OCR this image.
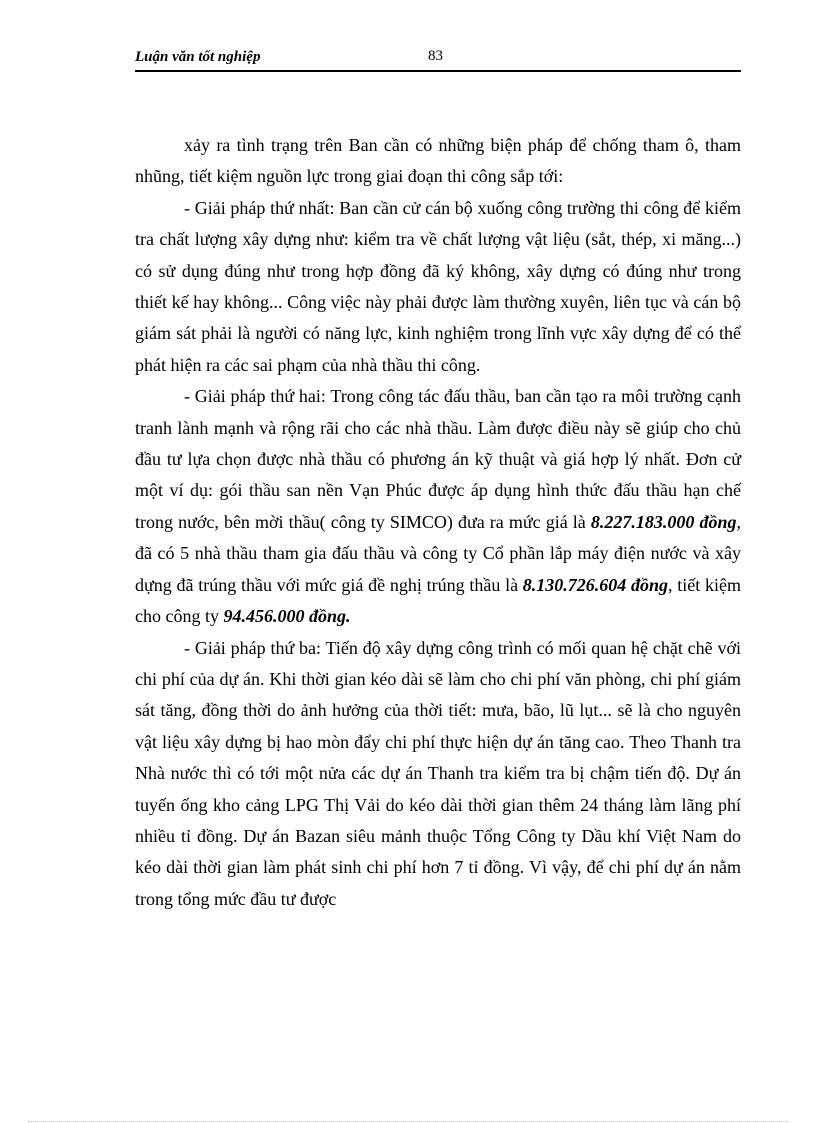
Luận văn tốt nghiệp	83

xảy ra tình trạng trên Ban cần có những biện pháp để chống tham ô, tham nhũng, tiết kiệm nguồn lực trong giai đoạn thi công sắp tới:

- Giải pháp thứ nhất: Ban cần cử cán bộ xuống công trường thi công để kiểm tra chất lượng xây dựng như: kiểm tra về chất lượng vật liệu (sắt, thép, xi măng...) có sử dụng đúng như trong hợp đồng đã ký không, xây dựng có đúng như trong thiết kế hay không... Công việc này phải được làm thường xuyên, liên tục và cán bộ giám sát phải là người có năng lực, kinh nghiệm trong lĩnh vực xây dựng để có thể phát hiện ra các sai phạm của nhà thầu thi công.

- Giải pháp thứ hai: Trong công tác đấu thầu, ban cần tạo ra môi trường cạnh tranh lành mạnh và rộng rãi cho các nhà thầu. Làm được điều này sẽ giúp cho chủ đầu tư lựa chọn được nhà thầu có phương án kỹ thuật và giá hợp lý nhất. Đơn cử một ví dụ: gói thầu san nền Vạn Phúc được áp dụng hình thức đấu thầu hạn chế trong nước, bên mời thầu( công ty SIMCO) đưa ra mức giá là 8.227.183.000 đồng, đã có 5 nhà thầu tham gia đấu thầu và công ty Cổ phần lắp máy điện nước và xây dựng đã trúng thầu với mức giá đề nghị trúng thầu là 8.130.726.604 đồng, tiết kiệm cho công ty 94.456.000 đồng.

- Giải pháp thứ ba: Tiến độ xây dựng công trình có mối quan hệ chặt chẽ với chi phí của dự án. Khi thời gian kéo dài sẽ làm cho chi phí văn phòng, chi phí giám sát tăng, đồng thời do ảnh hưởng của thời tiết: mưa, bão, lũ lụt... sẽ là cho nguyên vật liệu xây dựng bị hao mòn đẩy chi phí thực hiện dự án tăng cao. Theo Thanh tra Nhà nước thì có tới một nửa các dự án Thanh tra kiểm tra bị chậm tiến độ. Dự án tuyến ống kho cảng LPG Thị Vải do kéo dài thời gian thêm 24 tháng làm lãng phí nhiều tỉ đồng. Dự án Bazan siêu mảnh thuộc Tổng Công ty Dầu khí Việt Nam do kéo dài thời gian làm phát sinh chi phí hơn 7 tỉ đồng. Vì vậy, để chi phí dự án nằm trong tổng mức đầu tư được
